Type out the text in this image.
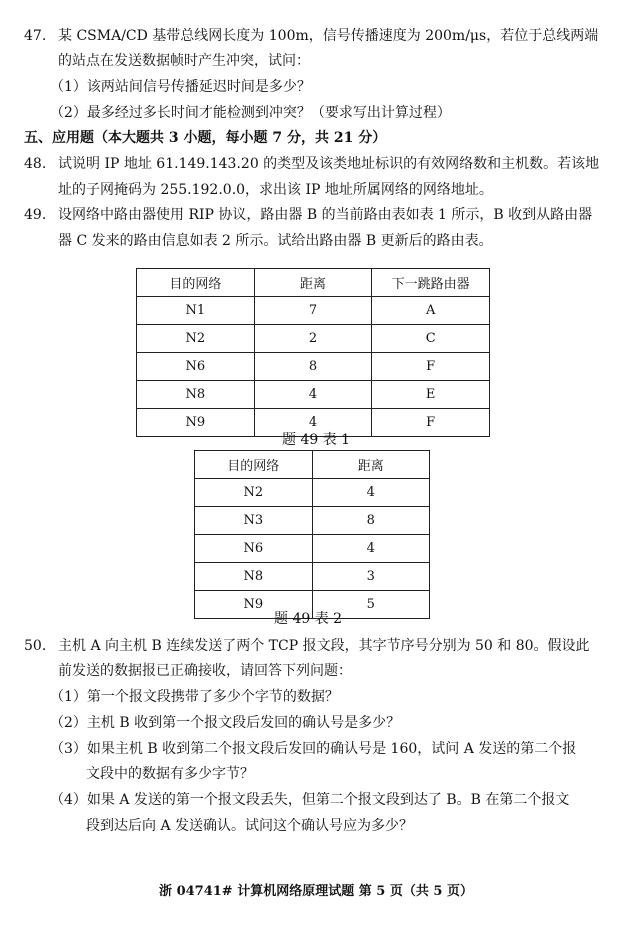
47. 某 CSMA/CD 基带总线网长度为 100m，信号传播速度为 200m/μs，若位于总线两端
的站点在发送数据帧时产生冲突，试问：
（1）该两站间信号传播延迟时间是多少？
（2）最多经过多长时间才能检测到冲突？（要求写出计算过程）
五、应用题（本大题共 3 小题，每小题 7 分，共 21 分）
48. 试说明 IP 地址 61.149.143.20 的类型及该类地址标识的有效网络数和主机数。若该地
址的子网掩码为 255.192.0.0，求出该 IP 地址所属网络的网络地址。
49. 设网络中路由器使用 RIP 协议，路由器 B 的当前路由表如表 1 所示，B 收到从路由器
器 C 发来的路由信息如表 2 所示。试给出路由器 B 更新后的路由表。
目的网络	距离	下一跳路由器
N1	7	A
N2	2	C
N6	8	F
N8	4	E
N9	4	F
题 49 表 1
目的网络	距离
N2	4
N3	8
N6	4
N8	3
N9	5
题 49 表 2
50. 主机 A 向主机 B 连续发送了两个 TCP 报文段，其字节序号分别为 50 和 80。假设此
前发送的数据报已正确接收，请回答下列问题：
（1）第一个报文段携带了多少个字节的数据？
（2）主机 B 收到第一个报文段后发回的确认号是多少？
（3）如果主机 B 收到第二个报文段后发回的确认号是 160，试问 A 发送的第二个报
文段中的数据有多少字节？
（4）如果 A 发送的第一个报文段丢失，但第二个报文段到达了 B。B 在第二个报文
段到达后向 A 发送确认。试问这个确认号应为多少？
浙 04741# 计算机网络原理试题 第 5 页（共 5 页）
